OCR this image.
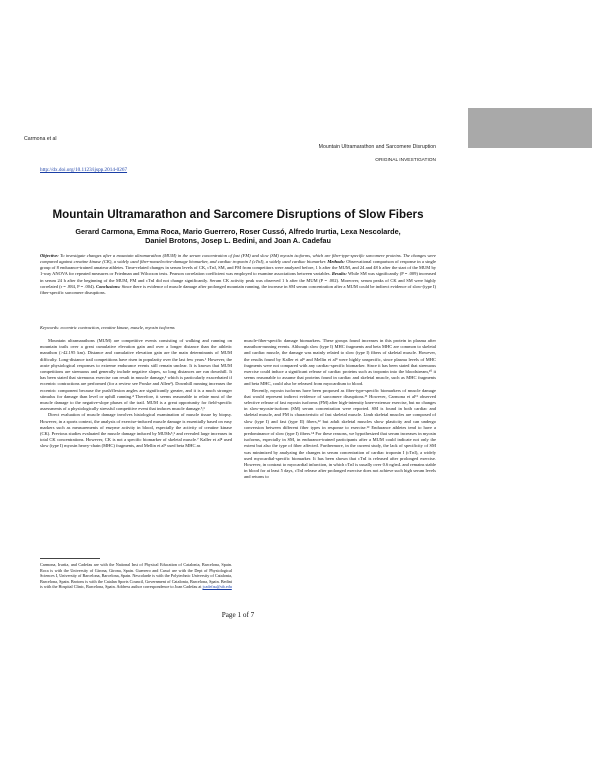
Carmona et al
Mountain Ultramarathon and Sarcomere Disruption
ORIGINAL INVESTIGATION
http://dx.doi.org/10.1123/ijspp.2014-0267
Mountain Ultramarathon and Sarcomere Disruptions of Slow Fibers
Gerard Carmona, Emma Roca, Mario Guerrero, Roser Cussó, Alfredo Irurtia, Lexa Nescolarde,
Daniel Brotons, Josep L. Bedini, and Joan A. Cadefau
Objective: To investigate changes after a mountain ultramarathon (MUM) in the serum concentration of fast (FM) and slow (SM) myosin isoforms, which are fiber-type-specific sarcomere proteins. The changes were compared against creatine kinase (CK), a widely used fiber-nonselective-damage biomarker, and cardiac troponin I (cTnI), a widely used cardiac biomarker. Methods: Observational comparison of response in a single group of 8 endurance-trained amateur athletes. Time-related changes in serum levels of CK, cTnI, SM, and FM from competitors were analyzed before, 1 h after the MUM, and 24 and 48 h after the start of the MUM by 1-way ANOVA for repeated measures or Friedman and Wilcoxon tests. Pearson correlation coefficient was employed to examine associations between variables. Results: While SM was significantly (P = .009) increased in serum 24 h after the beginning of the MUM, FM and cTnI did not change significantly. Serum CK activity peak was observed 1 h after the MUM (P = .002). Moreover, serum peaks of CK and SM were highly correlated (r = .884, P = .004). Conclusions: Since there is evidence of muscle damage after prolonged mountain running, the increase in SM serum concentration after a MUM could be indirect evidence of slow-(type I) fiber-specific sarcomere disruptions.
Keywords: eccentric contraction, creatine kinase, muscle, myosin isoforms

Mountain ultramarathons (MUM) are competitive events consisting of walking and running on mountain trails over a great cumulative elevation gain and over a longer distance than the athletic marathon (>42.195 km). Distance and cumulative elevation gain are the main determinants of MUM difficulty. Long-distance trail competitions have risen in popularity over the last few years.¹ However, the acute physiological responses to extreme endurance events still remain unclear. It is known that MUM competitions are strenuous and generally include negative slopes, so long distances are run downhill. It has been stated that strenuous exercise can result in muscle damage,² which is particularly exacerbated if eccentric contractions are performed (for a review see Proske and Allen³). Downhill running increases the eccentric component because the push/flexion angles are significantly greater, and it is a much stronger stimulus for damage than level or uphill running.⁴ Therefore, it seems reasonable to relate most of the muscle damage to the negative-slope phases of the trail. MUM is a great opportunity for field-specific assessments of a physiologically stressful competitive event that induces muscle damage.⁵,⁶

Direct evaluation of muscle damage involves histological examination of muscle tissue by biopsy. However, in a sports context, the analysis of exercise-induced muscle damage is essentially based on easy markers such as measurements of enzyme activity in blood, especially the activity of creatine kinase (CK). Previous studies evaluated the muscle damage induced by MUMs⁵,⁶ and revealed large increases in total CK concentrations. However, CK is not a specific biomarker of skeletal muscle.⁷ Kaller et al⁸ used slow (type I) myosin heavy-chain (MHC) fragments, and Mellin et al⁹ used beta MHC as

muscle-fiber-specific damage biomarkers. These groups found increases in this protein in plasma after marathon-running events. Although slow (type I) MHC fragments and beta MHC are common to skeletal and cardiac muscle, the damage was mainly related to slow (type I) fibers of skeletal muscle. However, the results found by Kaller et al⁸ and Mellin et al⁹ were highly unspecific, since plasma levels of MHC fragments were not compared with any cardiac-specific biomarker. Since it has been stated that strenuous exercise could induce a significant release of cardiac proteins such as troponin into the bloodstream,¹⁰ it seems reasonable to assume that proteins found in cardiac and skeletal muscle, such as MHC fragments and beta MHC, could also be released from myocardium to blood.

Recently, myosin isoforms have been proposed as fiber-type-specific biomarkers of muscle damage that would represent indirect evidence of sarcomere disruptions.¹¹ However, Carmona et al¹¹ observed selective release of fast myosin isoforms (FM) after high-intensity knee-extensor exercise, but no changes in slow-myosin-isoform (SM) serum concentration were reported. SM is found in both cardiac and skeletal muscle, and FM is characteristic of fast skeletal muscle. Limb skeletal muscles are composed of slow (type I) and fast (type II) fibers,¹² but adult skeletal muscles show plasticity and can undergo conversion between different fiber types in response to exercise.¹³ Endurance athletes tend to have a predominance of slow (type I) fibers.¹⁴ For these reasons, we hypothesized that serum increases in myosin isoforms, especially in SM, in endurance-trained participants after a MUM could indicate not only the extent but also the type of fiber affected. Furthermore, in the current study, the lack of specificity of SM was minimized by analyzing the changes in serum concentration of cardiac troponin I (cTnI), a widely used myocardial-specific biomarker. It has been shown that cTnI is released after prolonged exercise. However, in contrast to myocardial infarction, in which cTnI is usually over 0.6 ng/mL and remains stable in blood for at least 5 days, cTnI release after prolonged exercise does not achieve such high serum levels and returns to

Carmona, Irurtia, and Cadefau are with the National Inst of Physical Education of Catalonia, Barcelona, Spain. Roca is with the University of Girona, Girona, Spain. Guerrero and Cussó are with the Dept of Physiological Sciences I, University of Barcelona, Barcelona, Spain. Nescolarde is with the Polytechnic University of Catalonia, Barcelona, Spain. Brotons is with the Catalan Sports Council, Government of Catalonia, Barcelona, Spain. Bedini is with the Hospital Clinic, Barcelona, Spain. Address author correspondence to Joan Cadefau at jcadefau@ub.edu
Page 1 of 7
